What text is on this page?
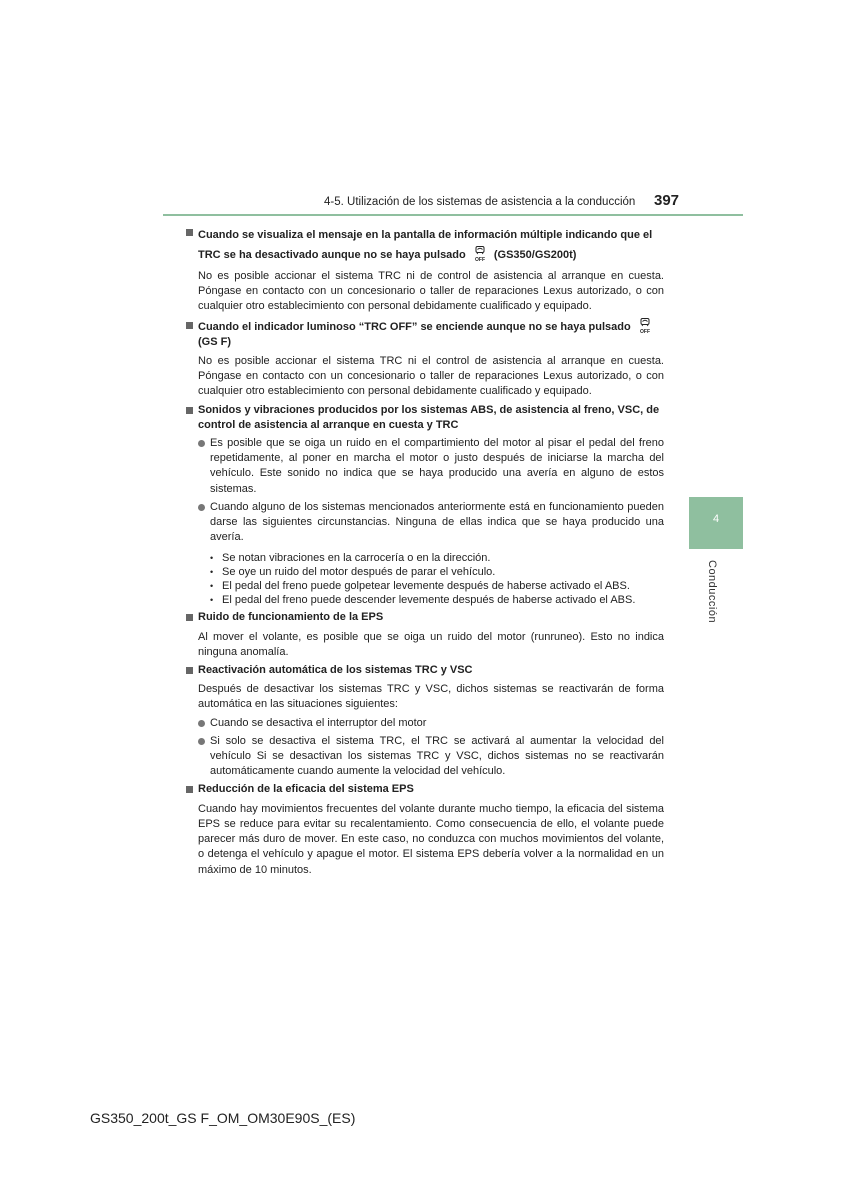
4-5. Utilización de los sistemas de asistencia a la conducción 397
4
Conducción
Cuando se visualiza el mensaje en la pantalla de información múltiple indicando que el TRC se ha desactivado aunque no se haya pulsado OFF (GS350/GS200t)
No es posible accionar el sistema TRC ni de control de asistencia al arranque en cuesta. Póngase en contacto con un concesionario o taller de reparaciones Lexus autorizado, o con cualquier otro establecimiento con personal debidamente cualificado y equipado.
Cuando el indicador luminoso “TRC OFF” se enciende aunque no se haya pulsado OFF

(GS F)
No es posible accionar el sistema TRC ni el control de asistencia al arranque en cuesta. Póngase en contacto con un concesionario o taller de reparaciones Lexus autorizado, o con cualquier otro establecimiento con personal debidamente cualificado y equipado.
Sonidos y vibraciones producidos por los sistemas ABS, de asistencia al freno, VSC, de control de asistencia al arranque en cuesta y TRC
Es posible que se oiga un ruido en el compartimiento del motor al pisar el pedal del freno repetidamente, al poner en marcha el motor o justo después de iniciarse la marcha del vehículo. Este sonido no indica que se haya producido una avería en alguno de estos sistemas.
Cuando alguno de los sistemas mencionados anteriormente está en funcionamiento pueden darse las siguientes circunstancias. Ninguna de ellas indica que se haya producido una avería.
• Se notan vibraciones en la carrocería o en la dirección.
• Se oye un ruido del motor después de parar el vehículo.
• El pedal del freno puede golpetear levemente después de haberse activado el ABS.
• El pedal del freno puede descender levemente después de haberse activado el ABS.
Ruido de funcionamiento de la EPS
Al mover el volante, es posible que se oiga un ruido del motor (runruneo). Esto no indica ninguna anomalía.
Reactivación automática de los sistemas TRC y VSC
Después de desactivar los sistemas TRC y VSC, dichos sistemas se reactivarán de forma automática en las situaciones siguientes:
Cuando se desactiva el interruptor del motor
Si solo se desactiva el sistema TRC, el TRC se activará al aumentar la velocidad del vehículo Si se desactivan los sistemas TRC y VSC, dichos sistemas no se reactivarán automáticamente cuando aumente la velocidad del vehículo.
Reducción de la eficacia del sistema EPS
Cuando hay movimientos frecuentes del volante durante mucho tiempo, la eficacia del sistema EPS se reduce para evitar su recalentamiento. Como consecuencia de ello, el volante puede parecer más duro de mover. En este caso, no conduzca con muchos movimientos del volante, o detenga el vehículo y apague el motor. El sistema EPS debería volver a la normalidad en un máximo de 10 minutos.
GS350_200t_GS F_OM_OM30E90S_(ES)
